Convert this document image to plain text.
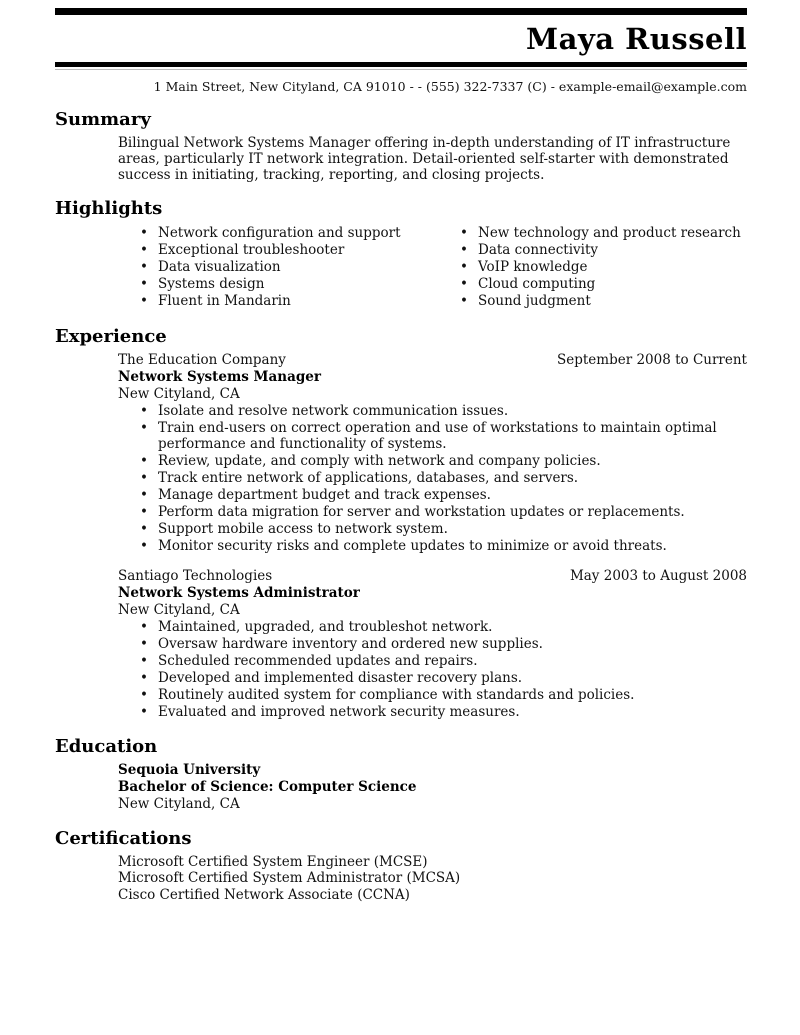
Maya Russell
1 Main Street, New Cityland, CA 91010 - - (555) 322-7337 (C) - example-email@example.com
Summary

Bilingual Network Systems Manager offering in-depth understanding of IT infrastructure areas, particularly IT network integration. Detail-oriented self-starter with demonstrated success in initiating, tracking, reporting, and closing projects.

Highlights
• Network configuration and support
• Exceptional troubleshooter
• Data visualization
• Systems design
• Fluent in Mandarin
• New technology and product research
• Data connectivity
• VoIP knowledge
• Cloud computing
• Sound judgment
Experience
The Education Company	September 2008 to Current
Network Systems Manager
New Cityland, CA
• Isolate and resolve network communication issues.
• Train end-users on correct operation and use of workstations to maintain optimal performance and functionality of systems.
• Review, update, and comply with network and company policies.
• Track entire network of applications, databases, and servers.
• Manage department budget and track expenses.
• Perform data migration for server and workstation updates or replacements.
• Support mobile access to network system.
• Monitor security risks and complete updates to minimize or avoid threats.
Santiago Technologies	May 2003 to August 2008
Network Systems Administrator
New Cityland, CA
• Maintained, upgraded, and troubleshot network.
• Oversaw hardware inventory and ordered new supplies.
• Scheduled recommended updates and repairs.
• Developed and implemented disaster recovery plans.
• Routinely audited system for compliance with standards and policies.
• Evaluated and improved network security measures.
Education
Sequoia University
Bachelor of Science: Computer Science
New Cityland, CA
Certifications
Microsoft Certified System Engineer (MCSE)
Microsoft Certified System Administrator (MCSA)
Cisco Certified Network Associate (CCNA)
